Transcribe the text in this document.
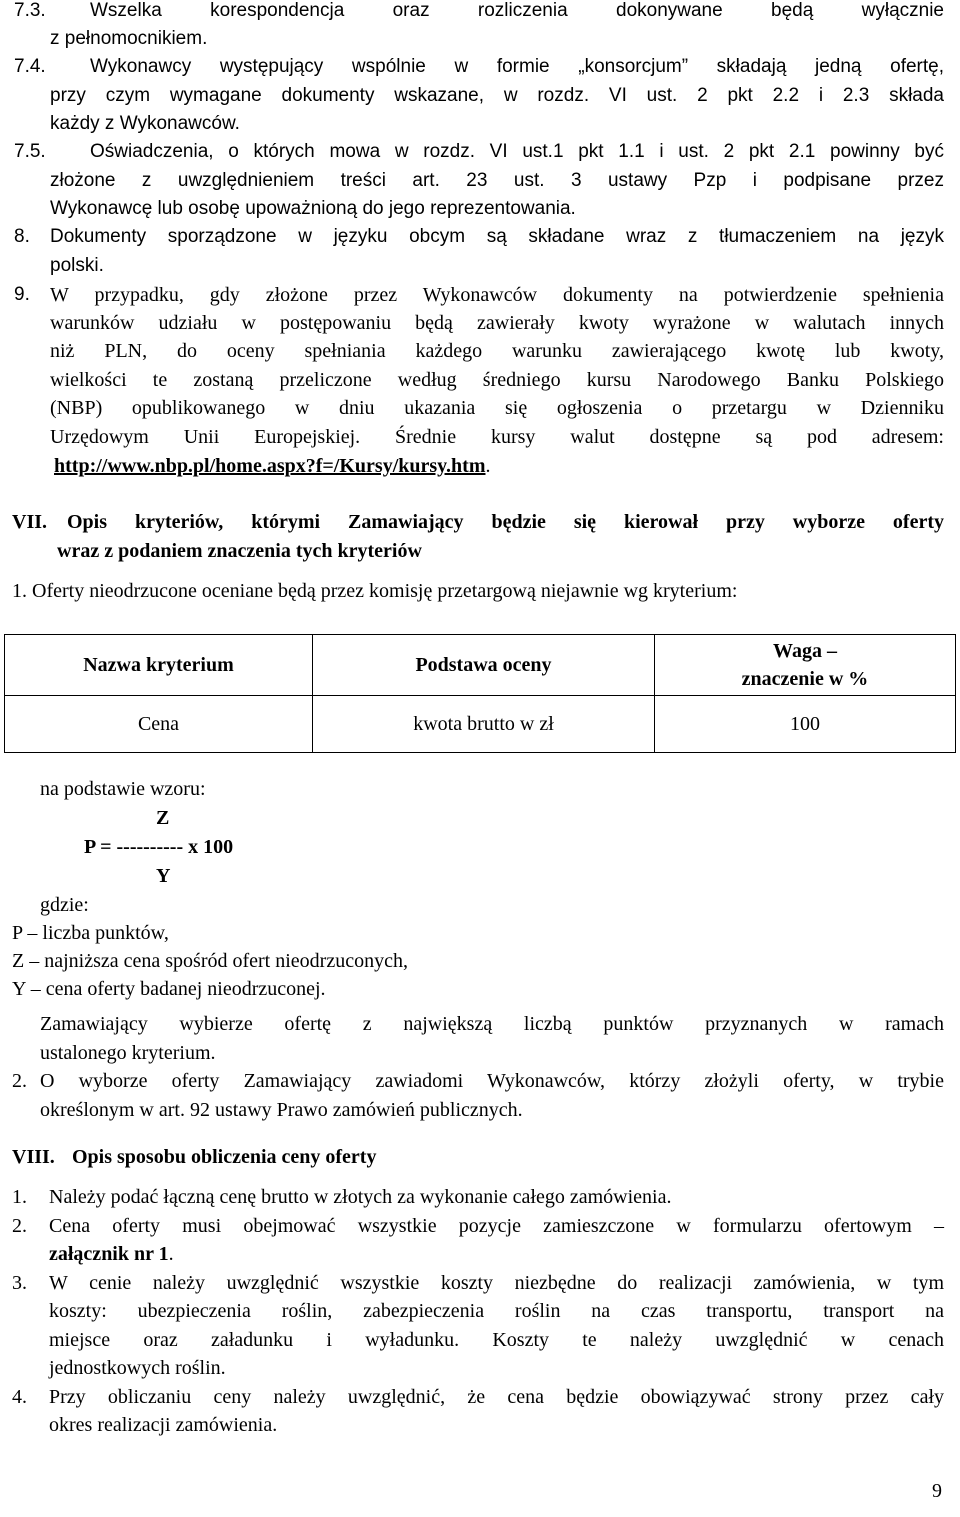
7.3. Wszelka korespondencja oraz rozliczenia dokonywane będą wyłącznie
z pełnomocnikiem.
7.4. Wykonawcy występujący wspólnie w formie „konsorcjum” składają jedną ofertę,
przy czym wymagane dokumenty wskazane, w rozdz. VI ust. 2 pkt 2.2 i 2.3 składa
każdy z Wykonawców.
7.5. Oświadczenia, o których mowa w rozdz. VI ust.1 pkt 1.1 i ust. 2 pkt 2.1 powinny być
złożone z uwzględnieniem treści art. 23 ust. 3 ustawy Pzp i podpisane przez
Wykonawcę lub osobę upoważnioną do jego reprezentowania.
8. Dokumenty sporządzone w języku obcym są składane wraz z tłumaczeniem na język
polski.
9. W przypadku, gdy złożone przez Wykonawców dokumenty na potwierdzenie spełnienia
warunków udziału w postępowaniu będą zawierały kwoty wyrażone w walutach innych
niż PLN, do oceny spełniania każdego warunku zawierającego kwotę lub kwoty,
wielkości te zostaną przeliczone według średniego kursu Narodowego Banku Polskiego
(NBP) opublikowanego w dniu ukazania się ogłoszenia o przetargu w Dzienniku
Urzędowym Unii Europejskiej. Średnie kursy walut dostępne są pod adresem:
http://www.nbp.pl/home.aspx?f=/Kursy/kursy.htm.
VII. Opis kryteriów, którymi Zamawiający będzie się kierował przy wyborze oferty
wraz z podaniem znaczenia tych kryteriów
1. Oferty nieodrzucone oceniane będą przez komisję przetargową niejawnie wg kryterium:
Nazwa kryterium	Podstawa oceny	Waga –
znaczenie w %
Cena	kwota brutto w zł	100
na podstawie wzoru:
Z
P = ---------- x 100
Y
gdzie:
P – liczba punktów,
Z – najniższa cena spośród ofert nieodrzuconych,
Y – cena oferty badanej nieodrzuconej.
Zamawiający wybierze ofertę z największą liczbą punktów przyznanych w ramach
ustalonego kryterium.
2. O wyborze oferty Zamawiający zawiadomi Wykonawców, którzy złożyli oferty, w trybie
określonym w art. 92 ustawy Prawo zamówień publicznych.
VIII. Opis sposobu obliczenia ceny oferty
1. Należy podać łączną cenę brutto w złotych za wykonanie całego zamówienia.
2. Cena oferty musi obejmować wszystkie pozycje zamieszczone w formularzu ofertowym –
załącznik nr 1.
3. W cenie należy uwzględnić wszystkie koszty niezbędne do realizacji zamówienia, w tym
koszty: ubezpieczenia roślin, zabezpieczenia roślin na czas transportu, transport na
miejsce oraz załadunku i wyładunku. Koszty te należy uwzględnić w cenach
jednostkowych roślin.
4. Przy obliczaniu ceny należy uwzględnić, że cena będzie obowiązywać strony przez cały
okres realizacji zamówienia.
9
